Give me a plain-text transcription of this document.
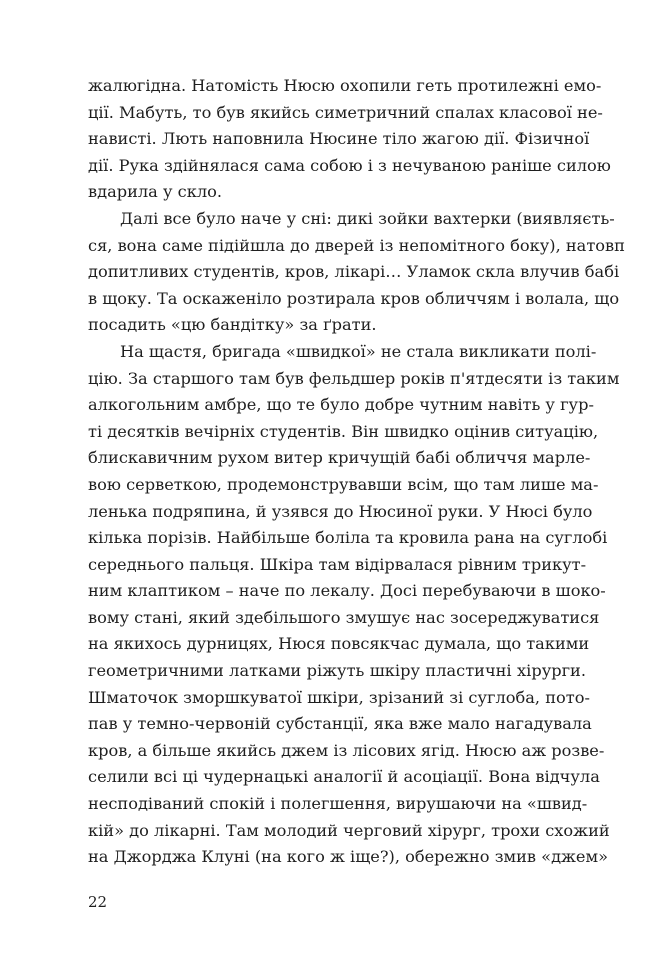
жалюгідна. Натомість Нюсю охопили геть протилежні емо-
ції. Мабуть, то був якийсь симетричний спалах класової не-
нависті. Лють наповнила Нюсине тіло жагою дії. Фізичної
дії. Рука здійнялася сама собою і з нечуваною раніше силою
вдарила у скло.
Далі все було наче у сні: дикі зойки вахтерки (виявляєть-
ся, вона саме підійшла до дверей із непомітного боку), натовп
допитливих студентів, кров, лікарі… Уламок скла влучив бабі
в щоку. Та оскаженіло розтирала кров обличчям і волала, що
посадить «цю бандітку» за ґрати.
На щастя, бригада «швидкої» не стала викликати полі-
цію. За старшого там був фельдшер років п'ятдесяти із таким
алкогольним амбре, що те було добре чутним навіть у гур-
ті десятків вечірніх студентів. Він швидко оцінив ситуацію,
блискавичним рухом витер кричущій бабі обличчя марле-
вою серветкою, продемонструвавши всім, що там лише ма-
ленька подряпина, й узявся до Нюсиної руки. У Нюсі було
кілька порізів. Найбільше боліла та кровила рана на суглобі
середнього пальця. Шкіра там відірвалася рівним трикут-
ним клаптиком – наче по лекалу. Досі перебуваючи в шоко-
вому стані, який здебільшого змушує нас зосереджуватися
на якихось дурницях, Нюся повсякчас думала, що такими
геометричними латками ріжуть шкіру пластичні хірурги.
Шматочок зморшкуватої шкіри, зрізаний зі суглоба, пото-
пав у темно-червоній субстанції, яка вже мало нагадувала
кров, а більше якийсь джем із лісових ягід. Нюсю аж розве-
селили всі ці чудернацькі аналогії й асоціації. Вона відчула
несподіваний спокій і полегшення, вирушаючи на «швид-
кій» до лікарні. Там молодий черговий хірург, трохи схожий
на Джорджа Клуні (на кого ж іще?), обережно змив «джем»
22
